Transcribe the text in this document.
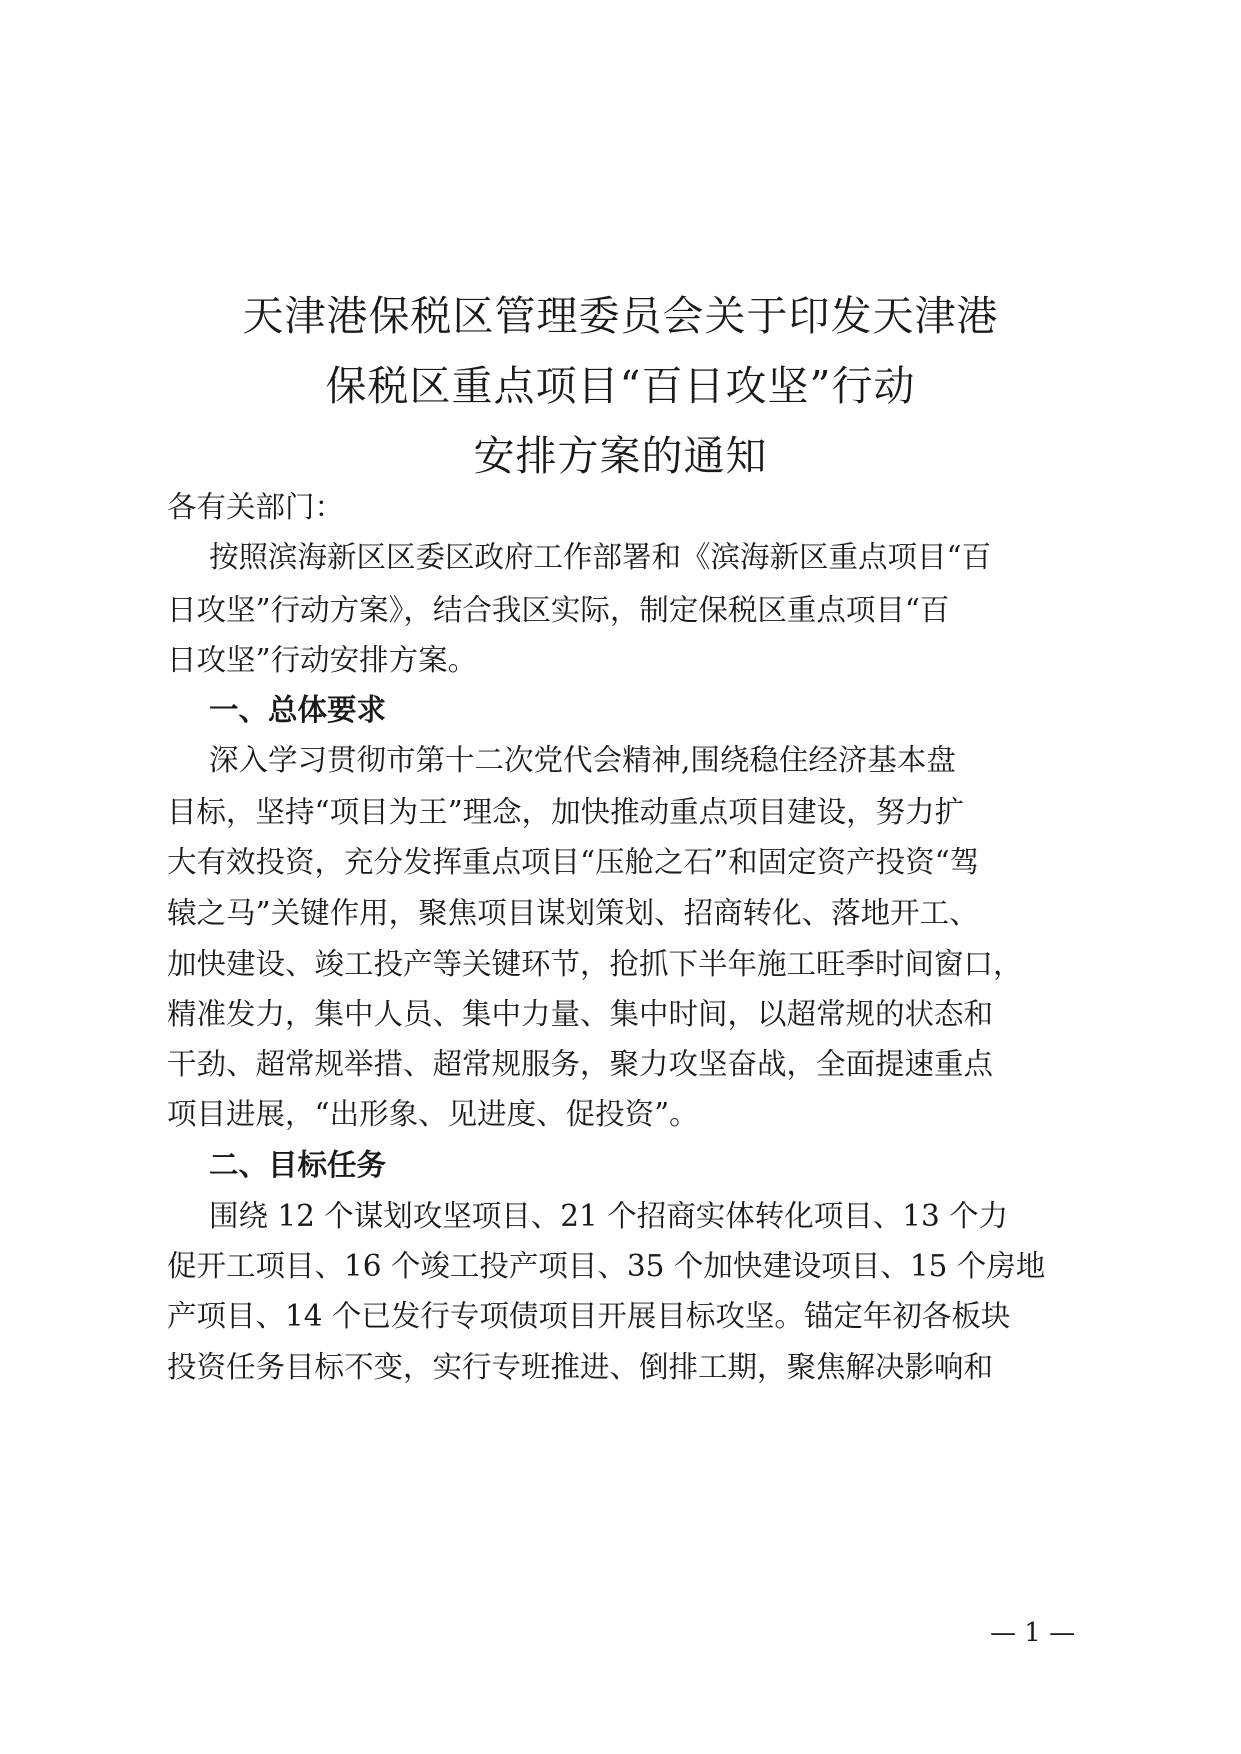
天津港保税区管理委员会关于印发天津港
保税区重点项目“百日攻坚”行动
安排方案的通知
各有关部门：
按照滨海新区区委区政府工作部署和《滨海新区重点项目“百
日攻坚”行动方案》，结合我区实际，制定保税区重点项目“百
日攻坚”行动安排方案。
一、总体要求
深入学习贯彻市第十二次党代会精神,围绕稳住经济基本盘
目标，坚持“项目为王”理念，加快推动重点项目建设，努力扩
大有效投资，充分发挥重点项目“压舱之石”和固定资产投资“驾
辕之马”关键作用，聚焦项目谋划策划、招商转化、落地开工、
加快建设、竣工投产等关键环节，抢抓下半年施工旺季时间窗口，
精准发力，集中人员、集中力量、集中时间，以超常规的状态和
干劲、超常规举措、超常规服务，聚力攻坚奋战，全面提速重点
项目进展，“出形象、见进度、促投资”。
二、目标任务
围绕 12 个谋划攻坚项目、21 个招商实体转化项目、13 个力
促开工项目、16 个竣工投产项目、35 个加快建设项目、15 个房地
产项目、14 个已发行专项债项目开展目标攻坚。锚定年初各板块
投资任务目标不变，实行专班推进、倒排工期，聚焦解决影响和
— 1 —
